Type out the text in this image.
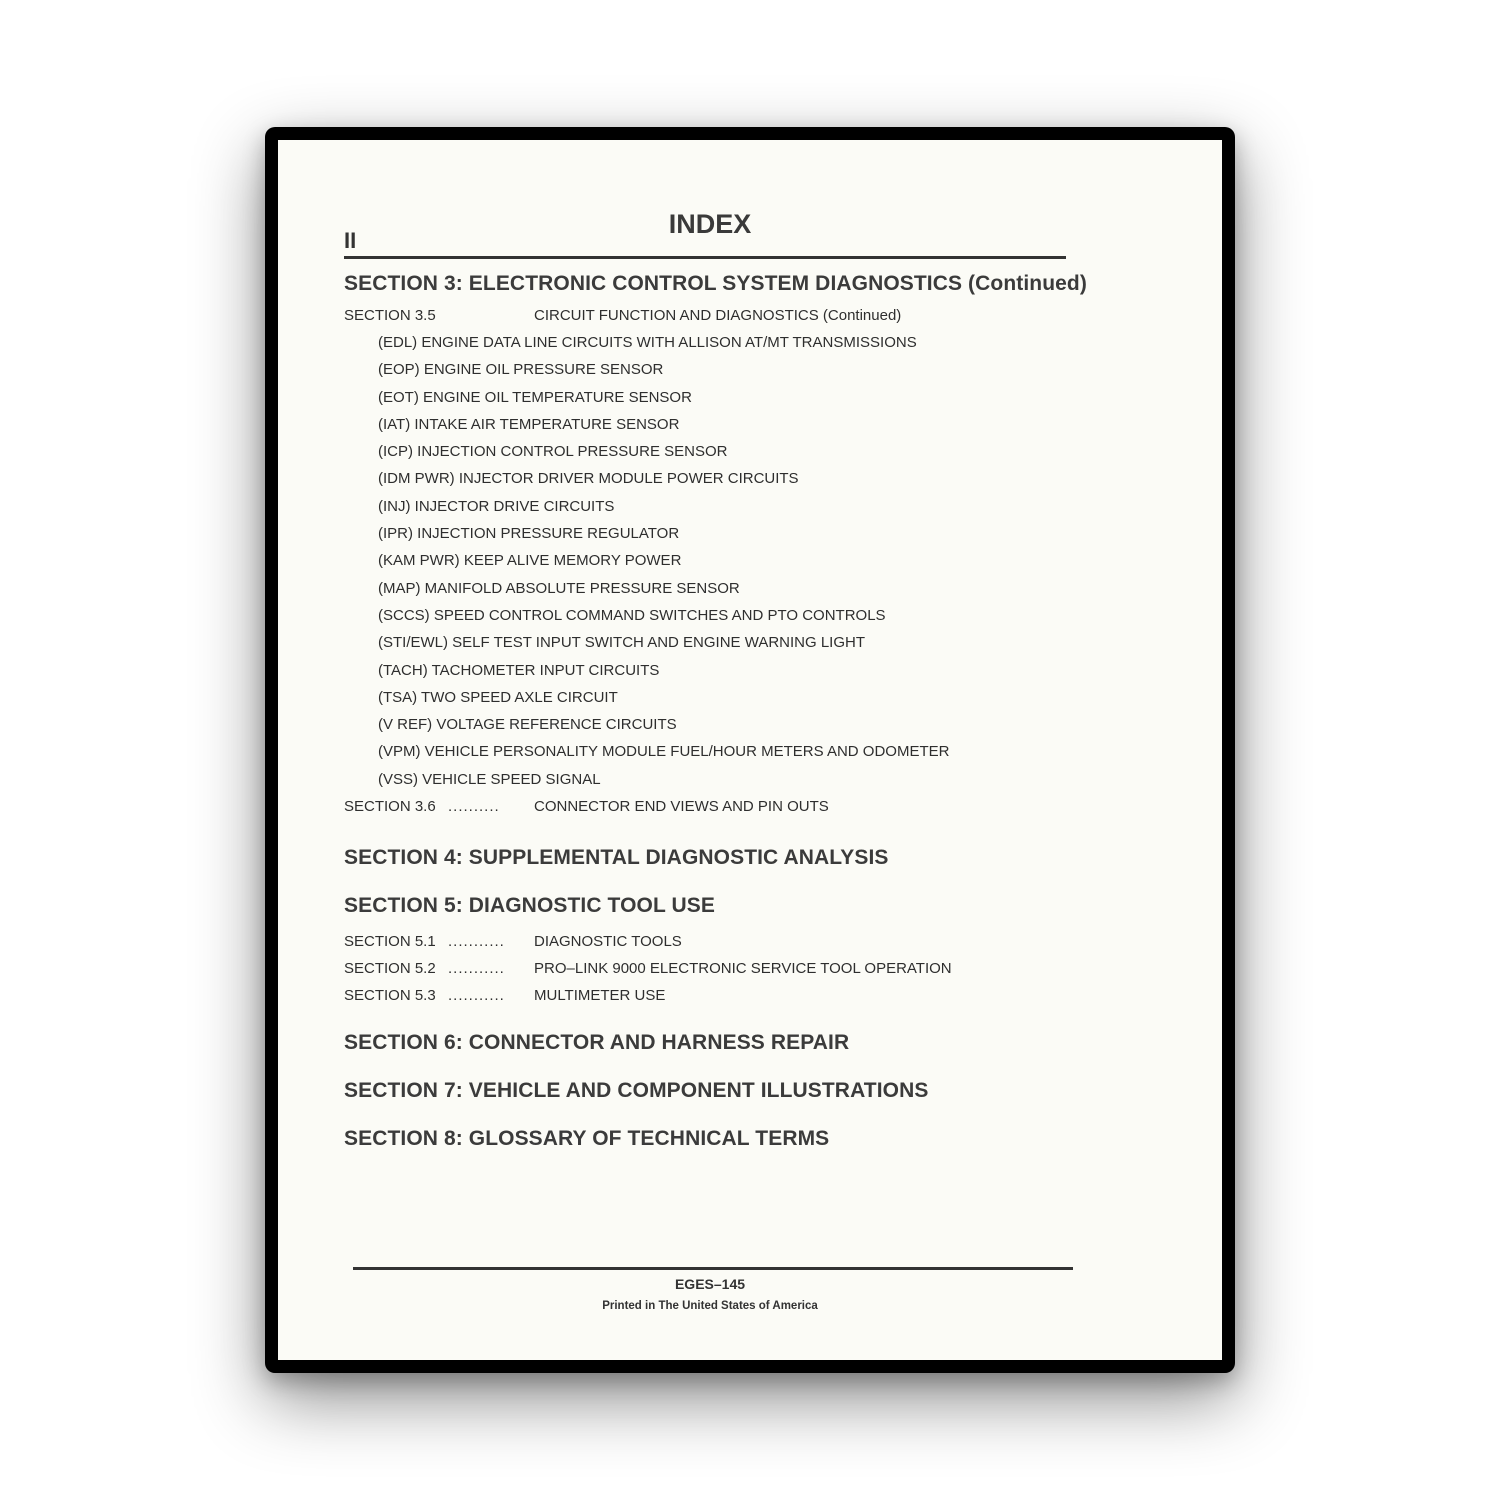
II
INDEX
SECTION 3: ELECTRONIC CONTROL SYSTEM DIAGNOSTICS (Continued)
SECTION 3.5	CIRCUIT FUNCTION AND DIAGNOSTICS (Continued)
(EDL) ENGINE DATA LINE CIRCUITS WITH ALLISON AT/MT TRANSMISSIONS
(EOP) ENGINE OIL PRESSURE SENSOR
(EOT) ENGINE OIL TEMPERATURE SENSOR
(IAT) INTAKE AIR TEMPERATURE SENSOR
(ICP) INJECTION CONTROL PRESSURE SENSOR
(IDM PWR) INJECTOR DRIVER MODULE POWER CIRCUITS
(INJ) INJECTOR DRIVE CIRCUITS
(IPR) INJECTION PRESSURE REGULATOR
(KAM PWR) KEEP ALIVE MEMORY POWER
(MAP) MANIFOLD ABSOLUTE PRESSURE SENSOR
(SCCS) SPEED CONTROL COMMAND SWITCHES AND PTO CONTROLS
(STI/EWL) SELF TEST INPUT SWITCH AND ENGINE WARNING LIGHT
(TACH) TACHOMETER INPUT CIRCUITS
(TSA) TWO SPEED AXLE CIRCUIT
(V REF) VOLTAGE REFERENCE CIRCUITS
(VPM) VEHICLE PERSONALITY MODULE FUEL/HOUR METERS AND ODOMETER
(VSS) VEHICLE SPEED SIGNAL
SECTION 3.6 ..........	CONNECTOR END VIEWS AND PIN OUTS
SECTION 4: SUPPLEMENTAL DIAGNOSTIC ANALYSIS
SECTION 5: DIAGNOSTIC TOOL USE
SECTION 5.1 ...........	DIAGNOSTIC TOOLS
SECTION 5.2 ...........	PRO–LINK 9000 ELECTRONIC SERVICE TOOL OPERATION
SECTION 5.3 ...........	MULTIMETER USE
SECTION 6: CONNECTOR AND HARNESS REPAIR
SECTION 7: VEHICLE AND COMPONENT ILLUSTRATIONS
SECTION 8: GLOSSARY OF TECHNICAL TERMS
EGES–145
Printed in The United States of America
